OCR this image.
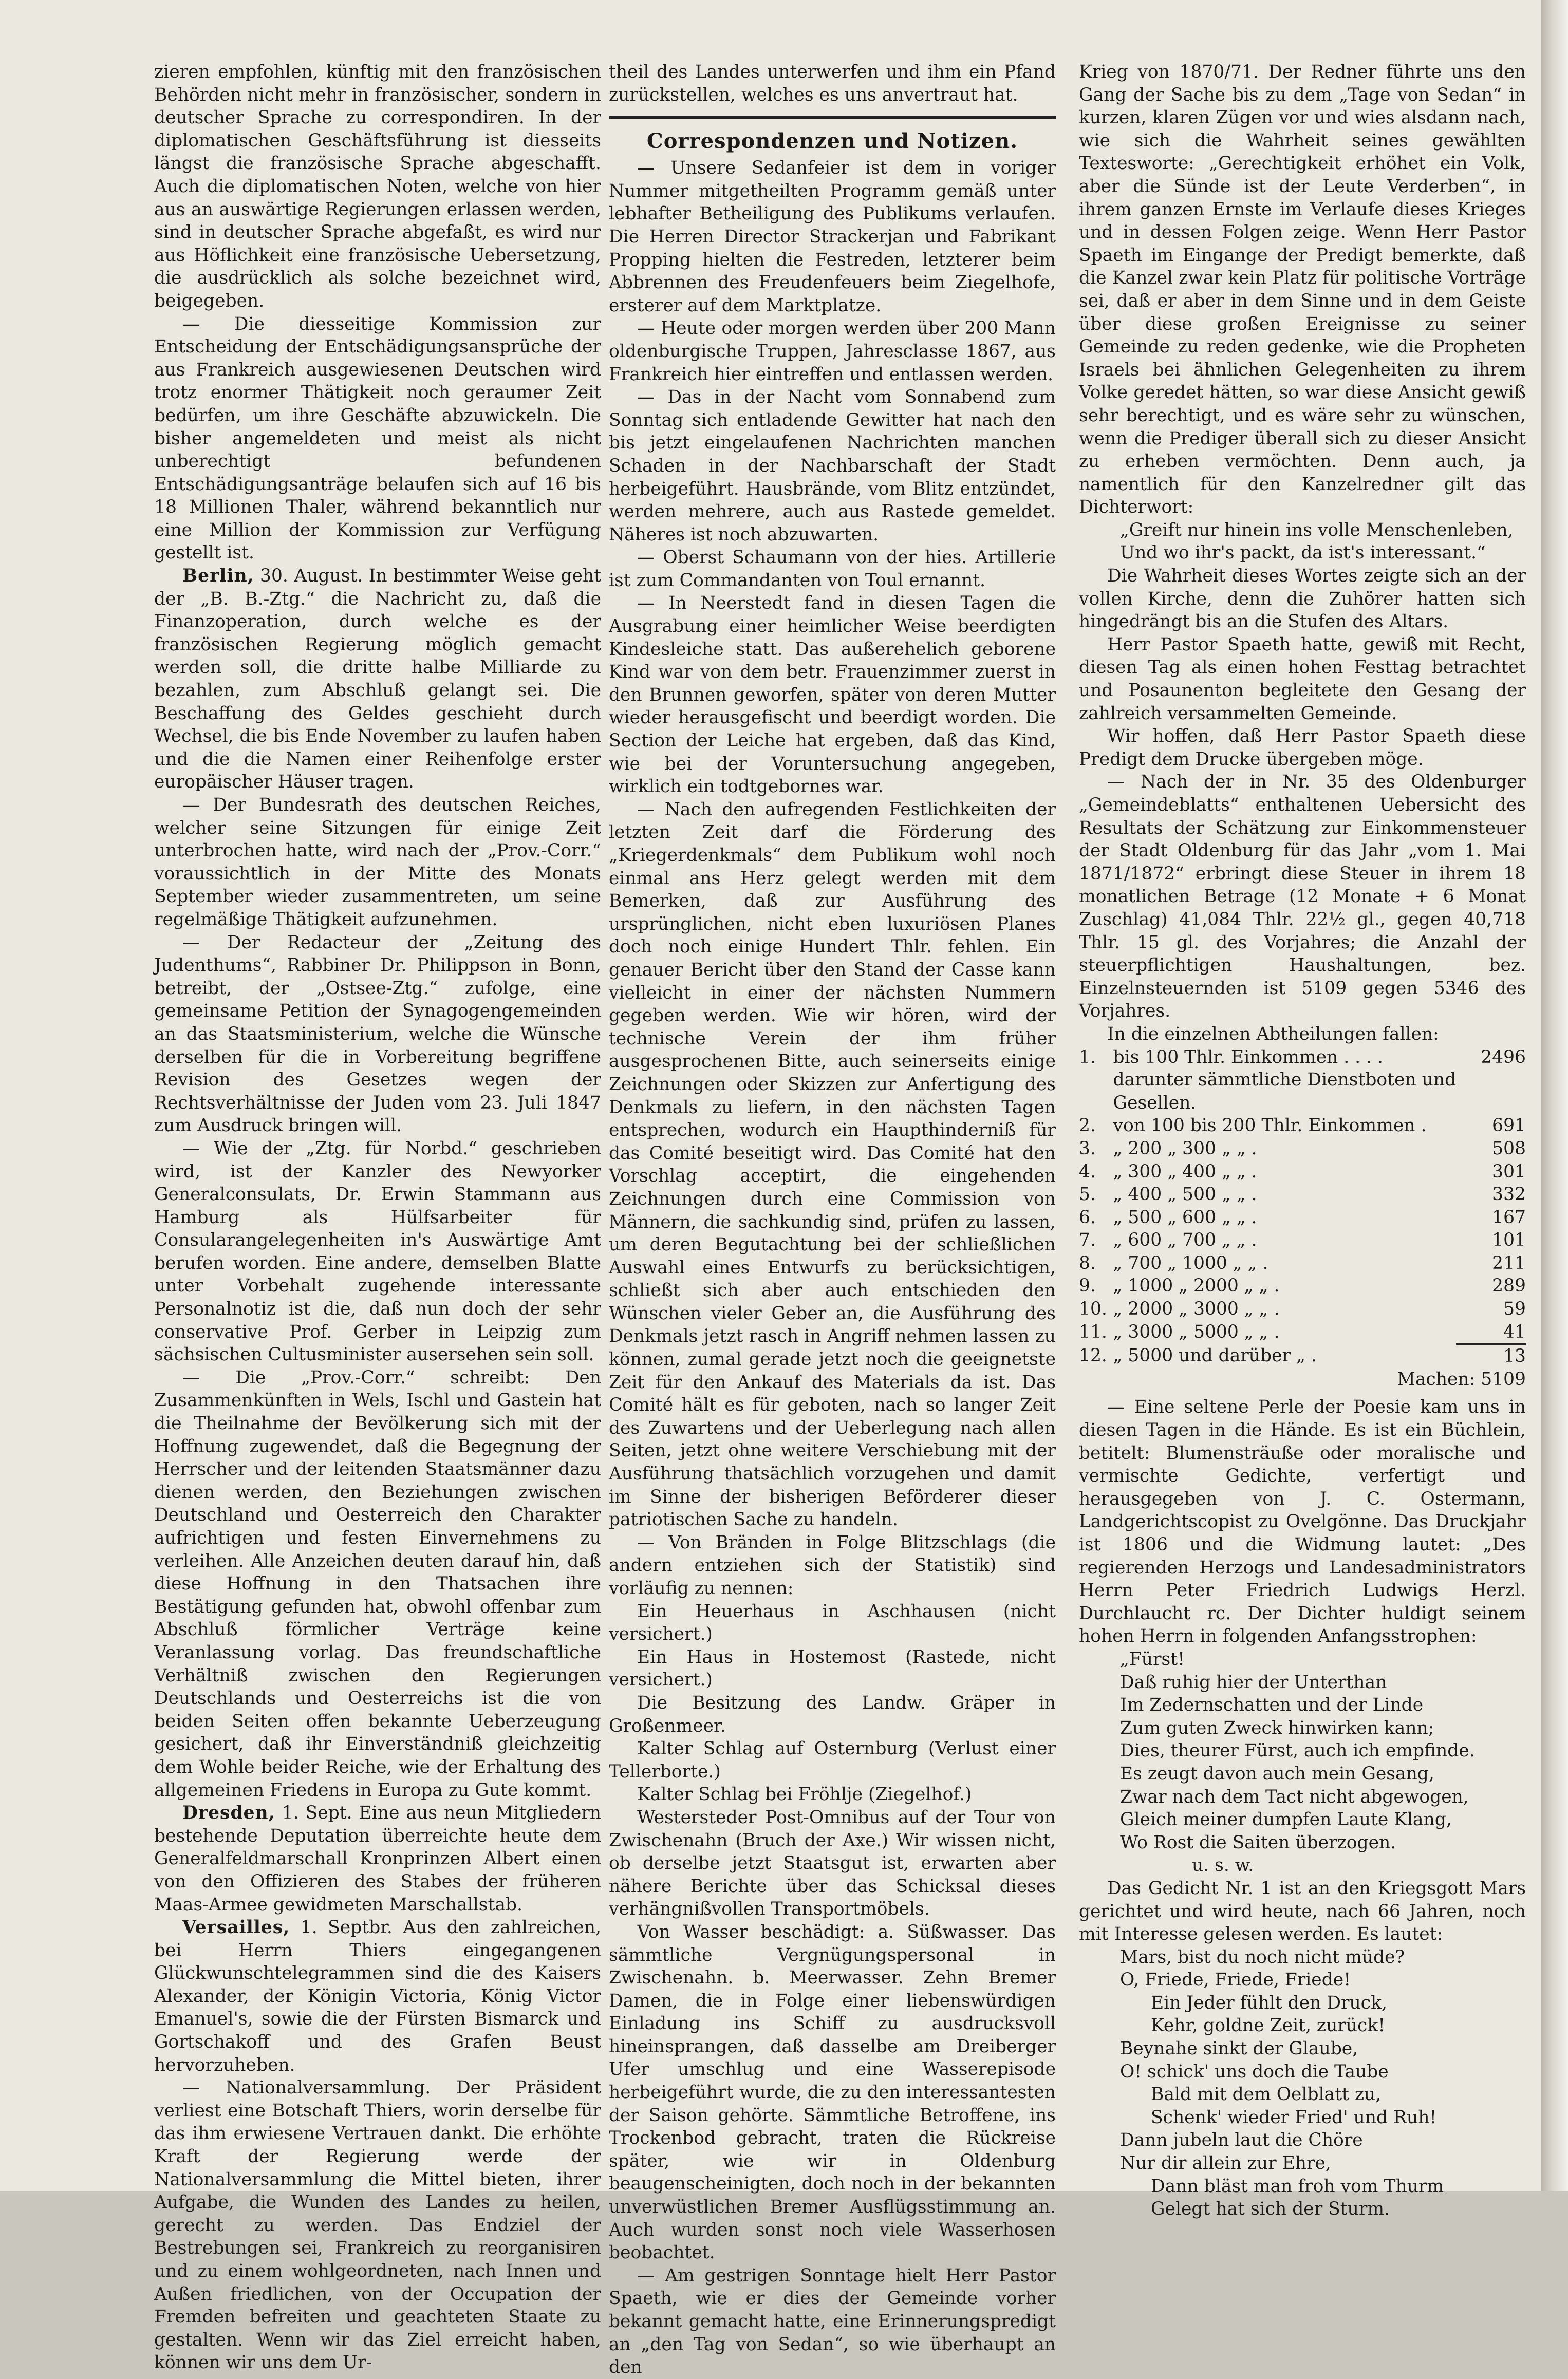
zieren empfohlen, künftig mit den französischen Behörden nicht mehr in französischer, sondern in deutscher Sprache zu correspondiren. In der diplomatischen Geschäftsführung ist diesseits längst die französische Sprache abgeschafft. Auch die diplomatischen Noten, welche von hier aus an auswärtige Regierungen erlassen werden, sind in deutscher Sprache abgefaßt, es wird nur aus Höflichkeit eine französische Uebersetzung, die ausdrücklich als solche bezeichnet wird, beigegeben.

— Die diesseitige Kommission zur Entscheidung der Entschädigungsansprüche der aus Frankreich ausgewiesenen Deutschen wird trotz enormer Thätigkeit noch geraumer Zeit bedürfen, um ihre Geschäfte abzuwickeln. Die bisher angemeldeten und meist als nicht unberechtigt befundenen Entschädigungsanträge belaufen sich auf 16 bis 18 Millionen Thaler, während bekanntlich nur eine Million der Kommission zur Verfügung gestellt ist.

Berlin, 30. August. In bestimmter Weise geht der „B. B.-Ztg.“ die Nachricht zu, daß die Finanzoperation, durch welche es der französischen Regierung möglich gemacht werden soll, die dritte halbe Milliarde zu bezahlen, zum Abschluß gelangt sei. Die Beschaffung des Geldes geschieht durch Wechsel, die bis Ende November zu laufen haben und die die Namen einer Reihenfolge erster europäischer Häuser tragen.

— Der Bundesrath des deutschen Reiches, welcher seine Sitzungen für einige Zeit unterbrochen hatte, wird nach der „Prov.-Corr.“ voraussichtlich in der Mitte des Monats September wieder zusammentreten, um seine regelmäßige Thätigkeit aufzunehmen.

— Der Redacteur der „Zeitung des Judenthums“, Rabbiner Dr. Philippson in Bonn, betreibt, der „Ostsee-Ztg.“ zufolge, eine gemeinsame Petition der Synagogengemeinden an das Staatsministerium, welche die Wünsche derselben für die in Vorbereitung begriffene Revision des Gesetzes wegen der Rechtsverhältnisse der Juden vom 23. Juli 1847 zum Ausdruck bringen will.

— Wie der „Ztg. für Norbd.“ geschrieben wird, ist der Kanzler des Newyorker Generalconsulats, Dr. Erwin Stammann aus Hamburg als Hülfsarbeiter für Consularangelegenheiten in's Auswärtige Amt berufen worden. Eine andere, demselben Blatte unter Vorbehalt zugehende interessante Personalnotiz ist die, daß nun doch der sehr conservative Prof. Gerber in Leipzig zum sächsischen Cultusminister ausersehen sein soll.

— Die „Prov.-Corr.“ schreibt: Den Zusammenkünften in Wels, Ischl und Gastein hat die Theilnahme der Bevölkerung sich mit der Hoffnung zugewendet, daß die Begegnung der Herrscher und der leitenden Staatsmänner dazu dienen werden, den Beziehungen zwischen Deutschland und Oesterreich den Charakter aufrichtigen und festen Einvernehmens zu verleihen. Alle Anzeichen deuten darauf hin, daß diese Hoffnung in den Thatsachen ihre Bestätigung gefunden hat, obwohl offenbar zum Abschluß förmlicher Verträge keine Veranlassung vorlag. Das freundschaftliche Verhältniß zwischen den Regierungen Deutschlands und Oesterreichs ist die von beiden Seiten offen bekannte Ueberzeugung gesichert, daß ihr Einverständniß gleichzeitig dem Wohle beider Reiche, wie der Erhaltung des allgemeinen Friedens in Europa zu Gute kommt.

Dresden, 1. Sept. Eine aus neun Mitgliedern bestehende Deputation überreichte heute dem Generalfeldmarschall Kronprinzen Albert einen von den Offizieren des Stabes der früheren Maas-Armee gewidmeten Marschallstab.

Versailles, 1. Septbr. Aus den zahlreichen, bei Herrn Thiers eingegangenen Glückwunschtelegrammen sind die des Kaisers Alexander, der Königin Victoria, König Victor Emanuel's, sowie die der Fürsten Bismarck und Gortschakoff und des Grafen Beust hervorzuheben.

— Nationalversammlung. Der Präsident verliest eine Botschaft Thiers, worin derselbe für das ihm erwiesene Vertrauen dankt. Die erhöhte Kraft der Regierung werde der Nationalversammlung die Mittel bieten, ihrer Aufgabe, die Wunden des Landes zu heilen, gerecht zu werden. Das Endziel der Bestrebungen sei, Frankreich zu reorganisiren und zu einem wohlgeordneten, nach Innen und Außen friedlichen, von der Occupation der Fremden befreiten und geachteten Staate zu gestalten. Wenn wir das Ziel erreicht haben, können wir uns dem Ur-

theil des Landes unterwerfen und ihm ein Pfand zurückstellen, welches es uns anvertraut hat.

Correspondenzen und Notizen.

— Unsere Sedanfeier ist dem in voriger Nummer mitgetheilten Programm gemäß unter lebhafter Betheiligung des Publikums verlaufen. Die Herren Director Strackerjan und Fabrikant Propping hielten die Festreden, letzterer beim Abbrennen des Freudenfeuers beim Ziegelhofe, ersterer auf dem Marktplatze.

— Heute oder morgen werden über 200 Mann oldenburgische Truppen, Jahresclasse 1867, aus Frankreich hier eintreffen und entlassen werden.

— Das in der Nacht vom Sonnabend zum Sonntag sich entladende Gewitter hat nach den bis jetzt eingelaufenen Nachrichten manchen Schaden in der Nachbarschaft der Stadt herbeigeführt. Hausbrände, vom Blitz entzündet, werden mehrere, auch aus Rastede gemeldet. Näheres ist noch abzuwarten.

— Oberst Schaumann von der hies. Artillerie ist zum Commandanten von Toul ernannt.

— In Neerstedt fand in diesen Tagen die Ausgrabung einer heimlicher Weise beerdigten Kindesleiche statt. Das außerehelich geborene Kind war von dem betr. Frauenzimmer zuerst in den Brunnen geworfen, später von deren Mutter wieder herausgefischt und beerdigt worden. Die Section der Leiche hat ergeben, daß das Kind, wie bei der Voruntersuchung angegeben, wirklich ein todtgebornes war.

— Nach den aufregenden Festlichkeiten der letzten Zeit darf die Förderung des „Kriegerdenkmals“ dem Publikum wohl noch einmal ans Herz gelegt werden mit dem Bemerken, daß zur Ausführung des ursprünglichen, nicht eben luxuriösen Planes doch noch einige Hundert Thlr. fehlen. Ein genauer Bericht über den Stand der Casse kann vielleicht in einer der nächsten Nummern gegeben werden. Wie wir hören, wird der technische Verein der ihm früher ausgesprochenen Bitte, auch seinerseits einige Zeichnungen oder Skizzen zur Anfertigung des Denkmals zu liefern, in den nächsten Tagen entsprechen, wodurch ein Haupthinderniß für das Comité beseitigt wird. Das Comité hat den Vorschlag acceptirt, die eingehenden Zeichnungen durch eine Commission von Männern, die sachkundig sind, prüfen zu lassen, um deren Begutachtung bei der schließlichen Auswahl eines Entwurfs zu berücksichtigen, schließt sich aber auch entschieden den Wünschen vieler Geber an, die Ausführung des Denkmals jetzt rasch in Angriff nehmen lassen zu können, zumal gerade jetzt noch die geeignetste Zeit für den Ankauf des Materials da ist. Das Comité hält es für geboten, nach so langer Zeit des Zuwartens und der Ueberlegung nach allen Seiten, jetzt ohne weitere Verschiebung mit der Ausführung thatsächlich vorzugehen und damit im Sinne der bisherigen Beförderer dieser patriotischen Sache zu handeln.

— Von Bränden in Folge Blitzschlags (die andern entziehen sich der Statistik) sind vorläufig zu nennen:

Ein Heuerhaus in Aschhausen (nicht versichert.)

Ein Haus in Hostemost (Rastede, nicht versichert.)

Die Besitzung des Landw. Gräper in Großenmeer.

Kalter Schlag auf Osternburg (Verlust einer Tellerborte.)

Kalter Schlag bei Fröhlje (Ziegelhof.)

Westersteder Post-Omnibus auf der Tour von Zwischenahn (Bruch der Axe.) Wir wissen nicht, ob derselbe jetzt Staatsgut ist, erwarten aber nähere Berichte über das Schicksal dieses verhängnißvollen Transportmöbels.

Von Wasser beschädigt: a. Süßwasser. Das sämmtliche Vergnügungspersonal in Zwischenahn. b. Meerwasser. Zehn Bremer Damen, die in Folge einer liebenswürdigen Einladung ins Schiff zu ausdrucksvoll hineinsprangen, daß dasselbe am Dreiberger Ufer umschlug und eine Wasserepisode herbeigeführt wurde, die zu den interessantesten der Saison gehörte. Sämmtliche Betroffene, ins Trockenbod gebracht, traten die Rückreise später, wie wir in Oldenburg beaugenscheinigten, doch noch in der bekannten unverwüstlichen Bremer Ausflügsstimmung an. Auch wurden sonst noch viele Wasserhosen beobachtet.

— Am gestrigen Sonntage hielt Herr Pastor Spaeth, wie er dies der Gemeinde vorher bekannt gemacht hatte, eine Erinnerungspredigt an „den Tag von Sedan“, so wie überhaupt an den

Krieg von 1870/71. Der Redner führte uns den Gang der Sache bis zu dem „Tage von Sedan“ in kurzen, klaren Zügen vor und wies alsdann nach, wie sich die Wahrheit seines gewählten Textesworte: „Gerechtigkeit erhöhet ein Volk, aber die Sünde ist der Leute Verderben“, in ihrem ganzen Ernste im Verlaufe dieses Krieges und in dessen Folgen zeige. Wenn Herr Pastor Spaeth im Eingange der Predigt bemerkte, daß die Kanzel zwar kein Platz für politische Vorträge sei, daß er aber in dem Sinne und in dem Geiste über diese großen Ereignisse zu seiner Gemeinde zu reden gedenke, wie die Propheten Israels bei ähnlichen Gelegenheiten zu ihrem Volke geredet hätten, so war diese Ansicht gewiß sehr berechtigt, und es wäre sehr zu wünschen, wenn die Prediger überall sich zu dieser Ansicht zu erheben vermöchten. Denn auch, ja namentlich für den Kanzelredner gilt das Dichterwort:

„Greift nur hinein ins volle Menschenleben,

Und wo ihr's packt, da ist's interessant.“

Die Wahrheit dieses Wortes zeigte sich an der vollen Kirche, denn die Zuhörer hatten sich hingedrängt bis an die Stufen des Altars.

Herr Pastor Spaeth hatte, gewiß mit Recht, diesen Tag als einen hohen Festtag betrachtet und Posaunenton begleitete den Gesang der zahlreich versammelten Gemeinde.

Wir hoffen, daß Herr Pastor Spaeth diese Predigt dem Drucke übergeben möge.

— Nach der in Nr. 35 des Oldenburger „Gemeindeblatts“ enthaltenen Uebersicht des Resultats der Schätzung zur Einkommensteuer der Stadt Oldenburg für das Jahr „vom 1. Mai 1871/1872“ erbringt diese Steuer in ihrem 18 monatlichen Betrage (12 Monate + 6 Monat Zuschlag) 41,084 Thlr. 22½ gl., gegen 40,718 Thlr. 15 gl. des Vorjahres; die Anzahl der steuerpflichtigen Haushaltungen, bez. Einzelnsteuernden ist 5109 gegen 5346 des Vorjahres.

In die einzelnen Abtheilungen fallen:

1.	bis 100 Thlr. Einkommen . . . .	2496
	darunter sämmtliche Dienstboten und	
	Gesellen.	
2.	von 100 bis 200 Thlr. Einkommen .	691
3.	„ 200 „ 300 „ „ .	508
4.	„ 300 „ 400 „ „ .	301
5.	„ 400 „ 500 „ „ .	332
6.	„ 500 „ 600 „ „ .	167
7.	„ 600 „ 700 „ „ .	101
8.	„ 700 „ 1000 „ „ .	211
9.	„ 1000 „ 2000 „ „ .	289
10.	„ 2000 „ 3000 „ „ .	59
11.	„ 3000 „ 5000 „ „ .	41
12.	„ 5000 und darüber „ .	13
Machen: 5109

— Eine seltene Perle der Poesie kam uns in diesen Tagen in die Hände. Es ist ein Büchlein, betitelt: Blumensträuße oder moralische und vermischte Gedichte, verfertigt und herausgegeben von J. C. Ostermann, Landgerichtscopist zu Ovelgönne. Das Druckjahr ist 1806 und die Widmung lautet: „Des regierenden Herzogs und Landesadministrators Herrn Peter Friedrich Ludwigs Herzl. Durchlaucht rc. Der Dichter huldigt seinem hohen Herrn in folgenden Anfangsstrophen:

„Fürst!

Daß ruhig hier der Unterthan

Im Zedernschatten und der Linde

Zum guten Zweck hinwirken kann;

Dies, theurer Fürst, auch ich empfinde.

Es zeugt davon auch mein Gesang,

Zwar nach dem Tact nicht abgewogen,

Gleich meiner dumpfen Laute Klang,

Wo Rost die Saiten überzogen.

u. s. w.

Das Gedicht Nr. 1 ist an den Kriegsgott Mars gerichtet und wird heute, nach 66 Jahren, noch mit Interesse gelesen werden. Es lautet:

Mars, bist du noch nicht müde?

O, Friede, Friede, Friede!

Ein Jeder fühlt den Druck,

Kehr, goldne Zeit, zurück!

Beynahe sinkt der Glaube,

O! schick' uns doch die Taube

Bald mit dem Oelblatt zu,

Schenk' wieder Fried' und Ruh!

Dann jubeln laut die Chöre

Nur dir allein zur Ehre,

Dann bläst man froh vom Thurm

Gelegt hat sich der Sturm.
